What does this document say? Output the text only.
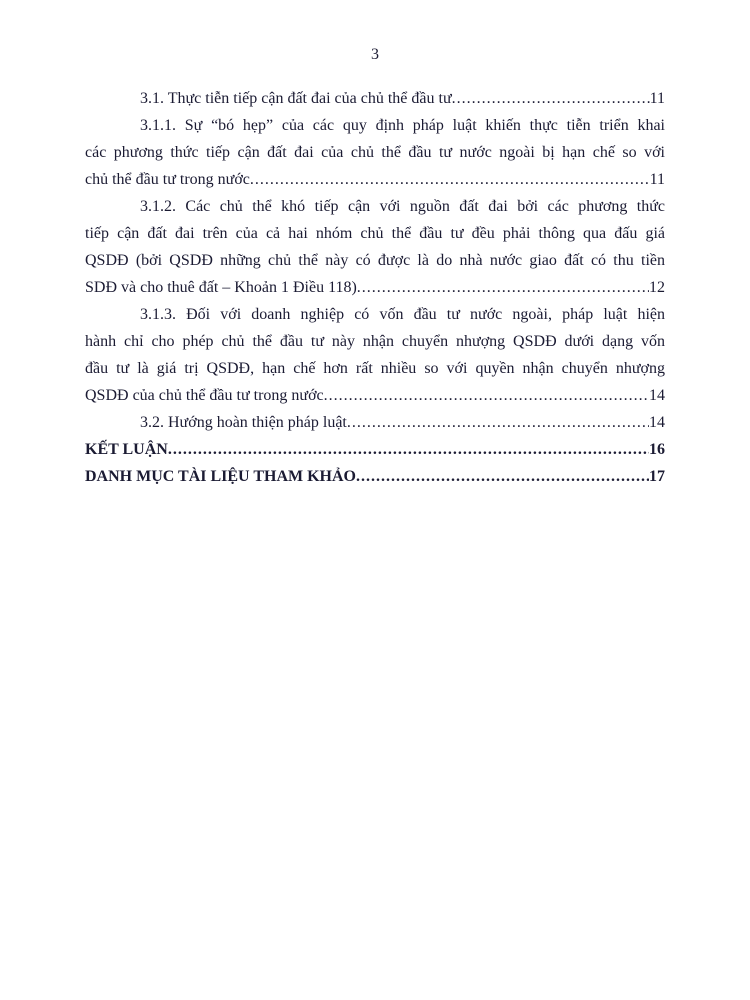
3
3.1. Thực tiễn tiếp cận đất đai của chủ thể đầu tư .....	11
3.1.1. Sự “bó hẹp” của các quy định pháp luật khiến thực tiễn triển khai
các phương thức tiếp cận đất đai của chủ thể đầu tư nước ngoài bị hạn chế so với
chủ thể đầu tư trong nước .....	11
3.1.2. Các chủ thể khó tiếp cận với nguồn đất đai bởi các phương thức
tiếp cận đất đai trên của cả hai nhóm chủ thể đầu tư đều phải thông qua đấu giá
QSDĐ (bởi QSDĐ những chủ thể này có được là do nhà nước giao đất có thu tiền
SDĐ và cho thuê đất – Khoản 1 Điều 118) .....	12
3.1.3. Đối với doanh nghiệp có vốn đầu tư nước ngoài, pháp luật hiện
hành chỉ cho phép chủ thể đầu tư này nhận chuyển nhượng QSDĐ dưới dạng vốn
đầu tư là giá trị QSDĐ, hạn chế hơn rất nhiều so với quyền nhận chuyển nhượng
QSDĐ của chủ thể đầu tư trong nước .....	14
3.2. Hướng hoàn thiện pháp luật .....	14
KẾT LUẬN .....	16
DANH MỤC TÀI LIỆU THAM KHẢO .....	17
